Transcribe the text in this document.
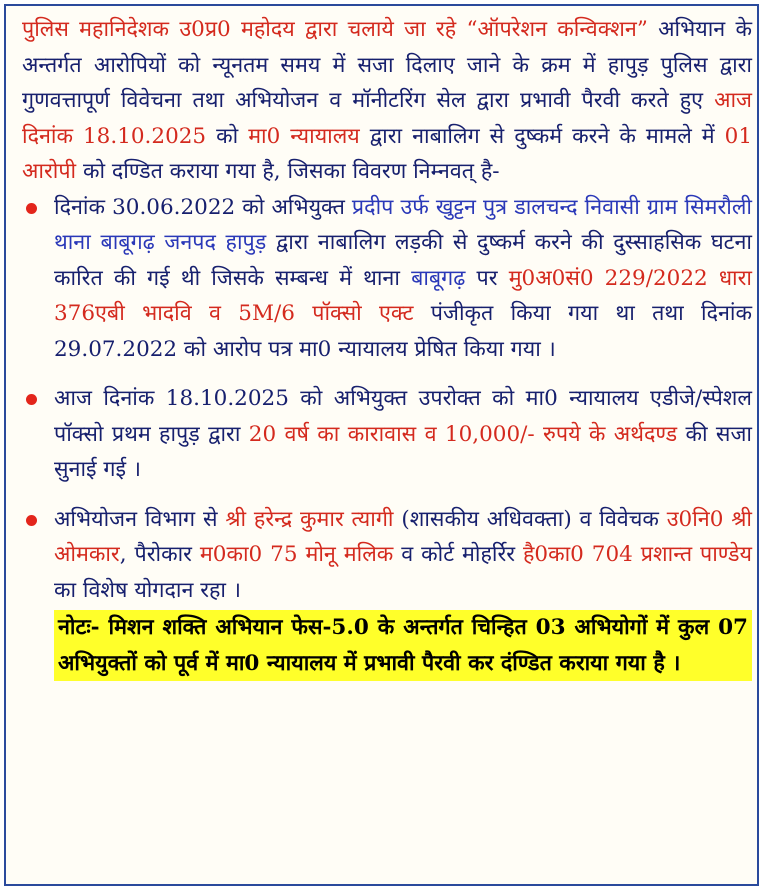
पुलिस महानिदेशक उ0प्र0 महोदय द्वारा चलाये जा रहे “ऑपरेशन कन्विक्शन” अभियान के अन्तर्गत आरोपियों को न्यूनतम समय में सजा दिलाए जाने के क्रम में हापुड़ पुलिस द्वारा गुणवत्तापूर्ण विवेचना तथा अभियोजन व मॉनीटरिंग सेल द्वारा प्रभावी पैरवी करते हुए आज दिनांक 18.10.2025 को मा0 न्यायालय द्वारा नाबालिग से दुष्कर्म करने के मामले में 01 आरोपी को दण्डित कराया गया है, जिसका विवरण निम्नवत् है-

दिनांक 30.06.2022 को अभियुक्त प्रदीप उर्फ खुट्टन पुत्र डालचन्द निवासी ग्राम सिमरौली थाना बाबूगढ़ जनपद हापुड़ द्वारा नाबालिग लड़की से दुष्कर्म करने की दुस्साहसिक घटना कारित की गई थी जिसके सम्बन्ध में थाना बाबूगढ़ पर मु0अ0सं0 229/2022 धारा 376एबी भादवि व 5M/6 पॉक्सो एक्ट पंजीकृत किया गया था तथा दिनांक 29.07.2022 को आरोप पत्र मा0 न्यायालय प्रेषित किया गया ।
आज दिनांक 18.10.2025 को अभियुक्त उपरोक्त को मा0 न्यायालय एडीजे/स्पेशल पॉक्सो प्रथम हापुड़ द्वारा 20 वर्ष का कारावास व 10,000/- रुपये के अर्थदण्ड की सजा सुनाई गई ।
अभियोजन विभाग से श्री हरेन्द्र कुमार त्यागी (शासकीय अधिवक्ता) व विवेचक उ0नि0 श्री ओमकार, पैरोकार म0का0 75 मोनू मलिक व कोर्ट मोहर्रिर है0का0 704 प्रशान्त पाण्डेय का विशेष योगदान रहा ।
नोटः- मिशन शक्ति अभियान फेस-5.0 के अन्तर्गत चिन्हित 03 अभियोगों में कुल 07 अभियुक्तों को पूर्व में मा0 न्यायालय में प्रभावी पैरवी कर दंण्डित कराया गया है ।
